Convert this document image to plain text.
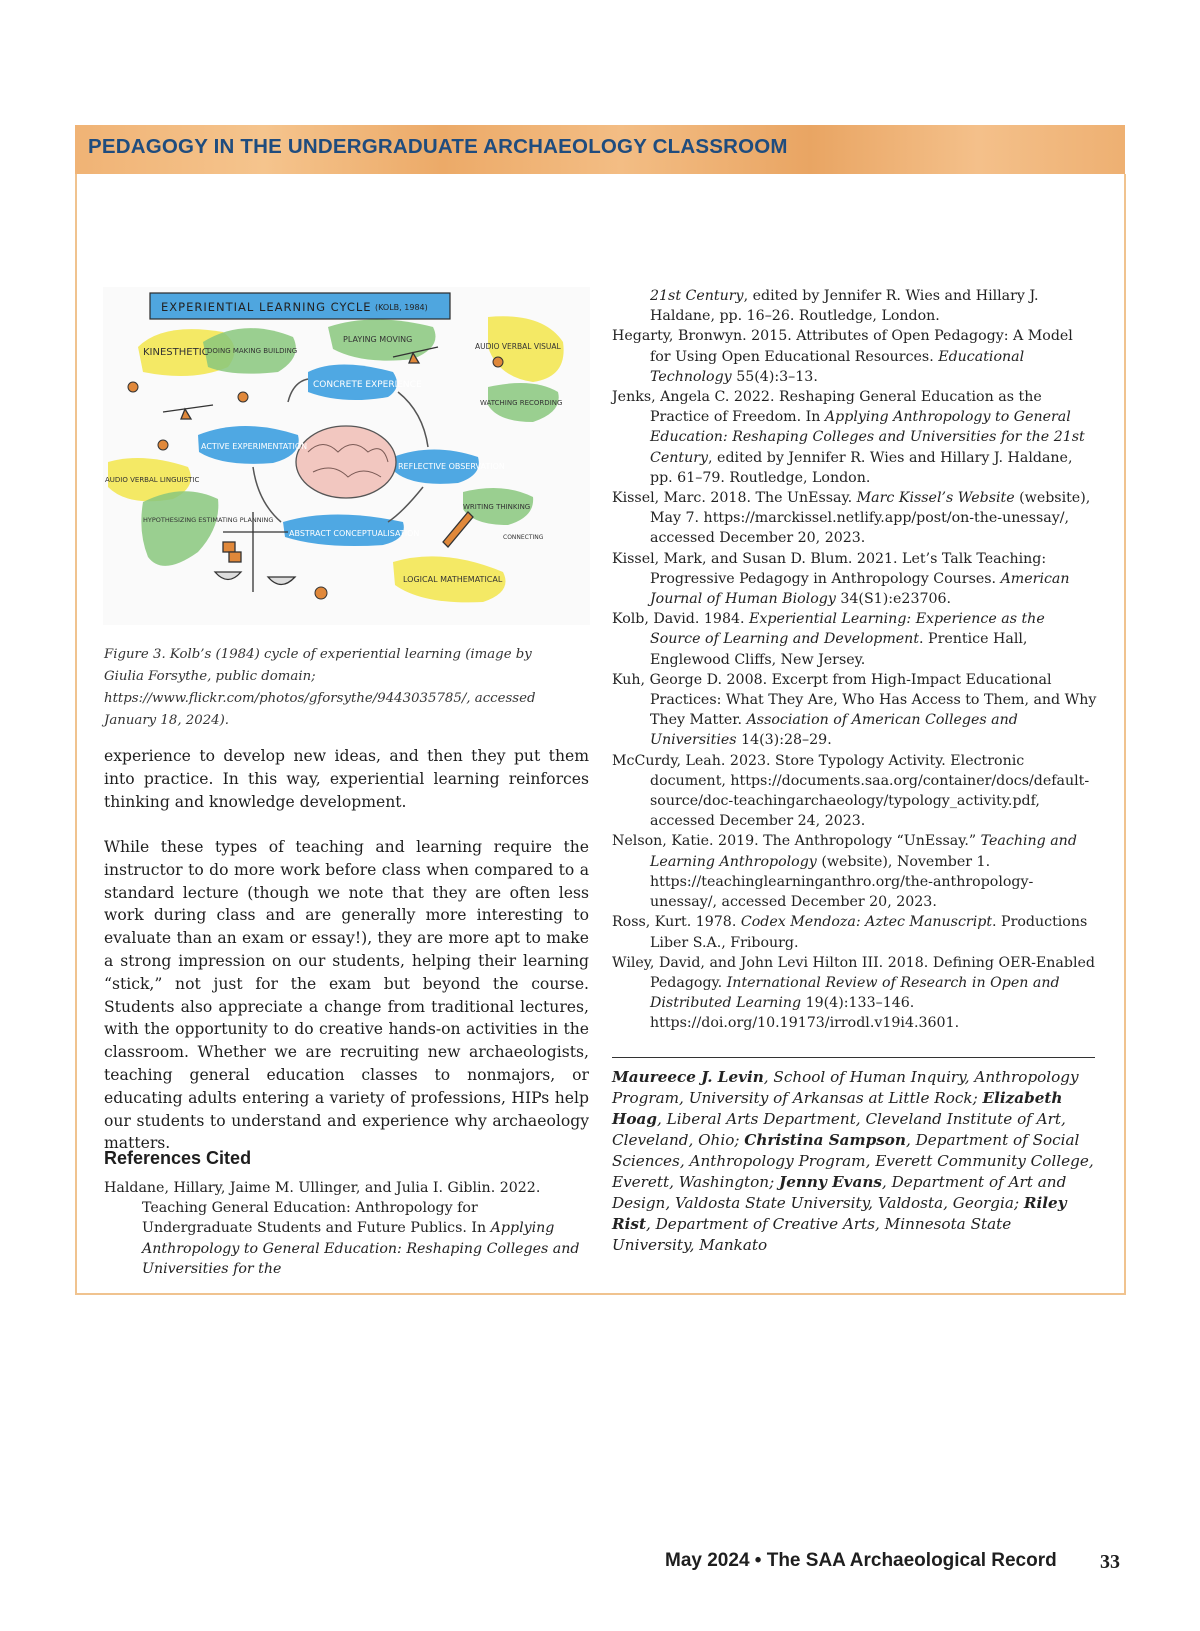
PEDAGOGY IN THE UNDERGRADUATE ARCHAEOLOGY CLASSROOM
EXPERIENTIAL LEARNING CYCLE (KOLB, 1984)
CONCRETE EXPERIENCE
REFLECTIVE OBSERVATION
ABSTRACT CONCEPTUALISATION
ACTIVE EXPERIMENTATION
KINESTHETIC
DOING MAKING BUILDING
PLAYING MOVING
AUDIO VERBAL VISUAL
WATCHING RECORDING
AUDIO VERBAL LINGUISTIC
HYPOTHESIZING ESTIMATING PLANNING
WRITING THINKING
CONNECTING
LOGICAL MATHEMATICAL

Figure 3. Kolb’s (1984) cycle of experiential learning (image by Giulia Forsythe, public domain; https://www.flickr.com/photos/gforsythe/9443035785/, accessed January 18, 2024).

experience to develop new ideas, and then they put them into practice. In this way, experiential learning reinforces thinking and knowledge development.

While these types of teaching and learning require the instructor to do more work before class when compared to a standard lecture (though we note that they are often less work during class and are generally more interesting to evaluate than an exam or essay!), they are more apt to make a strong impression on our students, helping their learning “stick,” not just for the exam but beyond the course. Students also appreciate a change from traditional lectures, with the opportunity to do creative hands-on activities in the classroom. Whether we are recruiting new archaeologists, teaching general education classes to nonmajors, or educating adults entering a variety of professions, HIPs help our students to understand and experience why archaeology matters.

References Cited

Haldane, Hillary, Jaime M. Ullinger, and Julia I. Giblin. 2022. Teaching General Education: Anthropology for Undergraduate Students and Future Publics. In Applying Anthropology to General Education: Reshaping Colleges and Universities for the

21st Century, edited by Jennifer R. Wies and Hillary J. Haldane, pp. 16–26. Routledge, London.

Hegarty, Bronwyn. 2015. Attributes of Open Pedagogy: A Model for Using Open Educational Resources. Educational Technology 55(4):3–13.

Jenks, Angela C. 2022. Reshaping General Education as the Practice of Freedom. In Applying Anthropology to General Education: Reshaping Colleges and Universities for the 21st Century, edited by Jennifer R. Wies and Hillary J. Haldane, pp. 61–79. Routledge, London.

Kissel, Marc. 2018. The UnEssay. Marc Kissel’s Website (website), May 7. https://marckissel.netlify.app/post/on-the-unessay/, accessed December 20, 2023.

Kissel, Mark, and Susan D. Blum. 2021. Let’s Talk Teaching: Progressive Pedagogy in Anthropology Courses. American Journal of Human Biology 34(S1):e23706.

Kolb, David. 1984. Experiential Learning: Experience as the Source of Learning and Development. Prentice Hall, Englewood Cliffs, New Jersey.

Kuh, George D. 2008. Excerpt from High-Impact Educational Practices: What They Are, Who Has Access to Them, and Why They Matter. Association of American Colleges and Universities 14(3):28–29.

McCurdy, Leah. 2023. Store Typology Activity. Electronic document, https://documents.saa.org/container/docs/default-source/doc-teachingarchaeology/typology_activity.pdf, accessed December 24, 2023.

Nelson, Katie. 2019. The Anthropology “UnEssay.” Teaching and Learning Anthropology (website), November 1. https://teachinglearninganthro.org/the-anthropology-unessay/, accessed December 20, 2023.

Ross, Kurt. 1978. Codex Mendoza: Aztec Manuscript. Productions Liber S.A., Fribourg.

Wiley, David, and John Levi Hilton III. 2018. Defining OER-Enabled Pedagogy. International Review of Research in Open and Distributed Learning 19(4):133–146. https://doi.org/10.19173/irrodl.v19i4.3601.

Maureece J. Levin, School of Human Inquiry, Anthropology Program, University of Arkansas at Little Rock; Elizabeth Hoag, Liberal Arts Department, Cleveland Institute of Art, Cleveland, Ohio; Christina Sampson, Department of Social Sciences, Anthropology Program, Everett Community College, Everett, Washington; Jenny Evans, Department of Art and Design, Valdosta State University, Valdosta, Georgia; Riley Rist, Department of Creative Arts, Minnesota State University, Mankato

May 2024 • The SAA Archaeological Record 33
